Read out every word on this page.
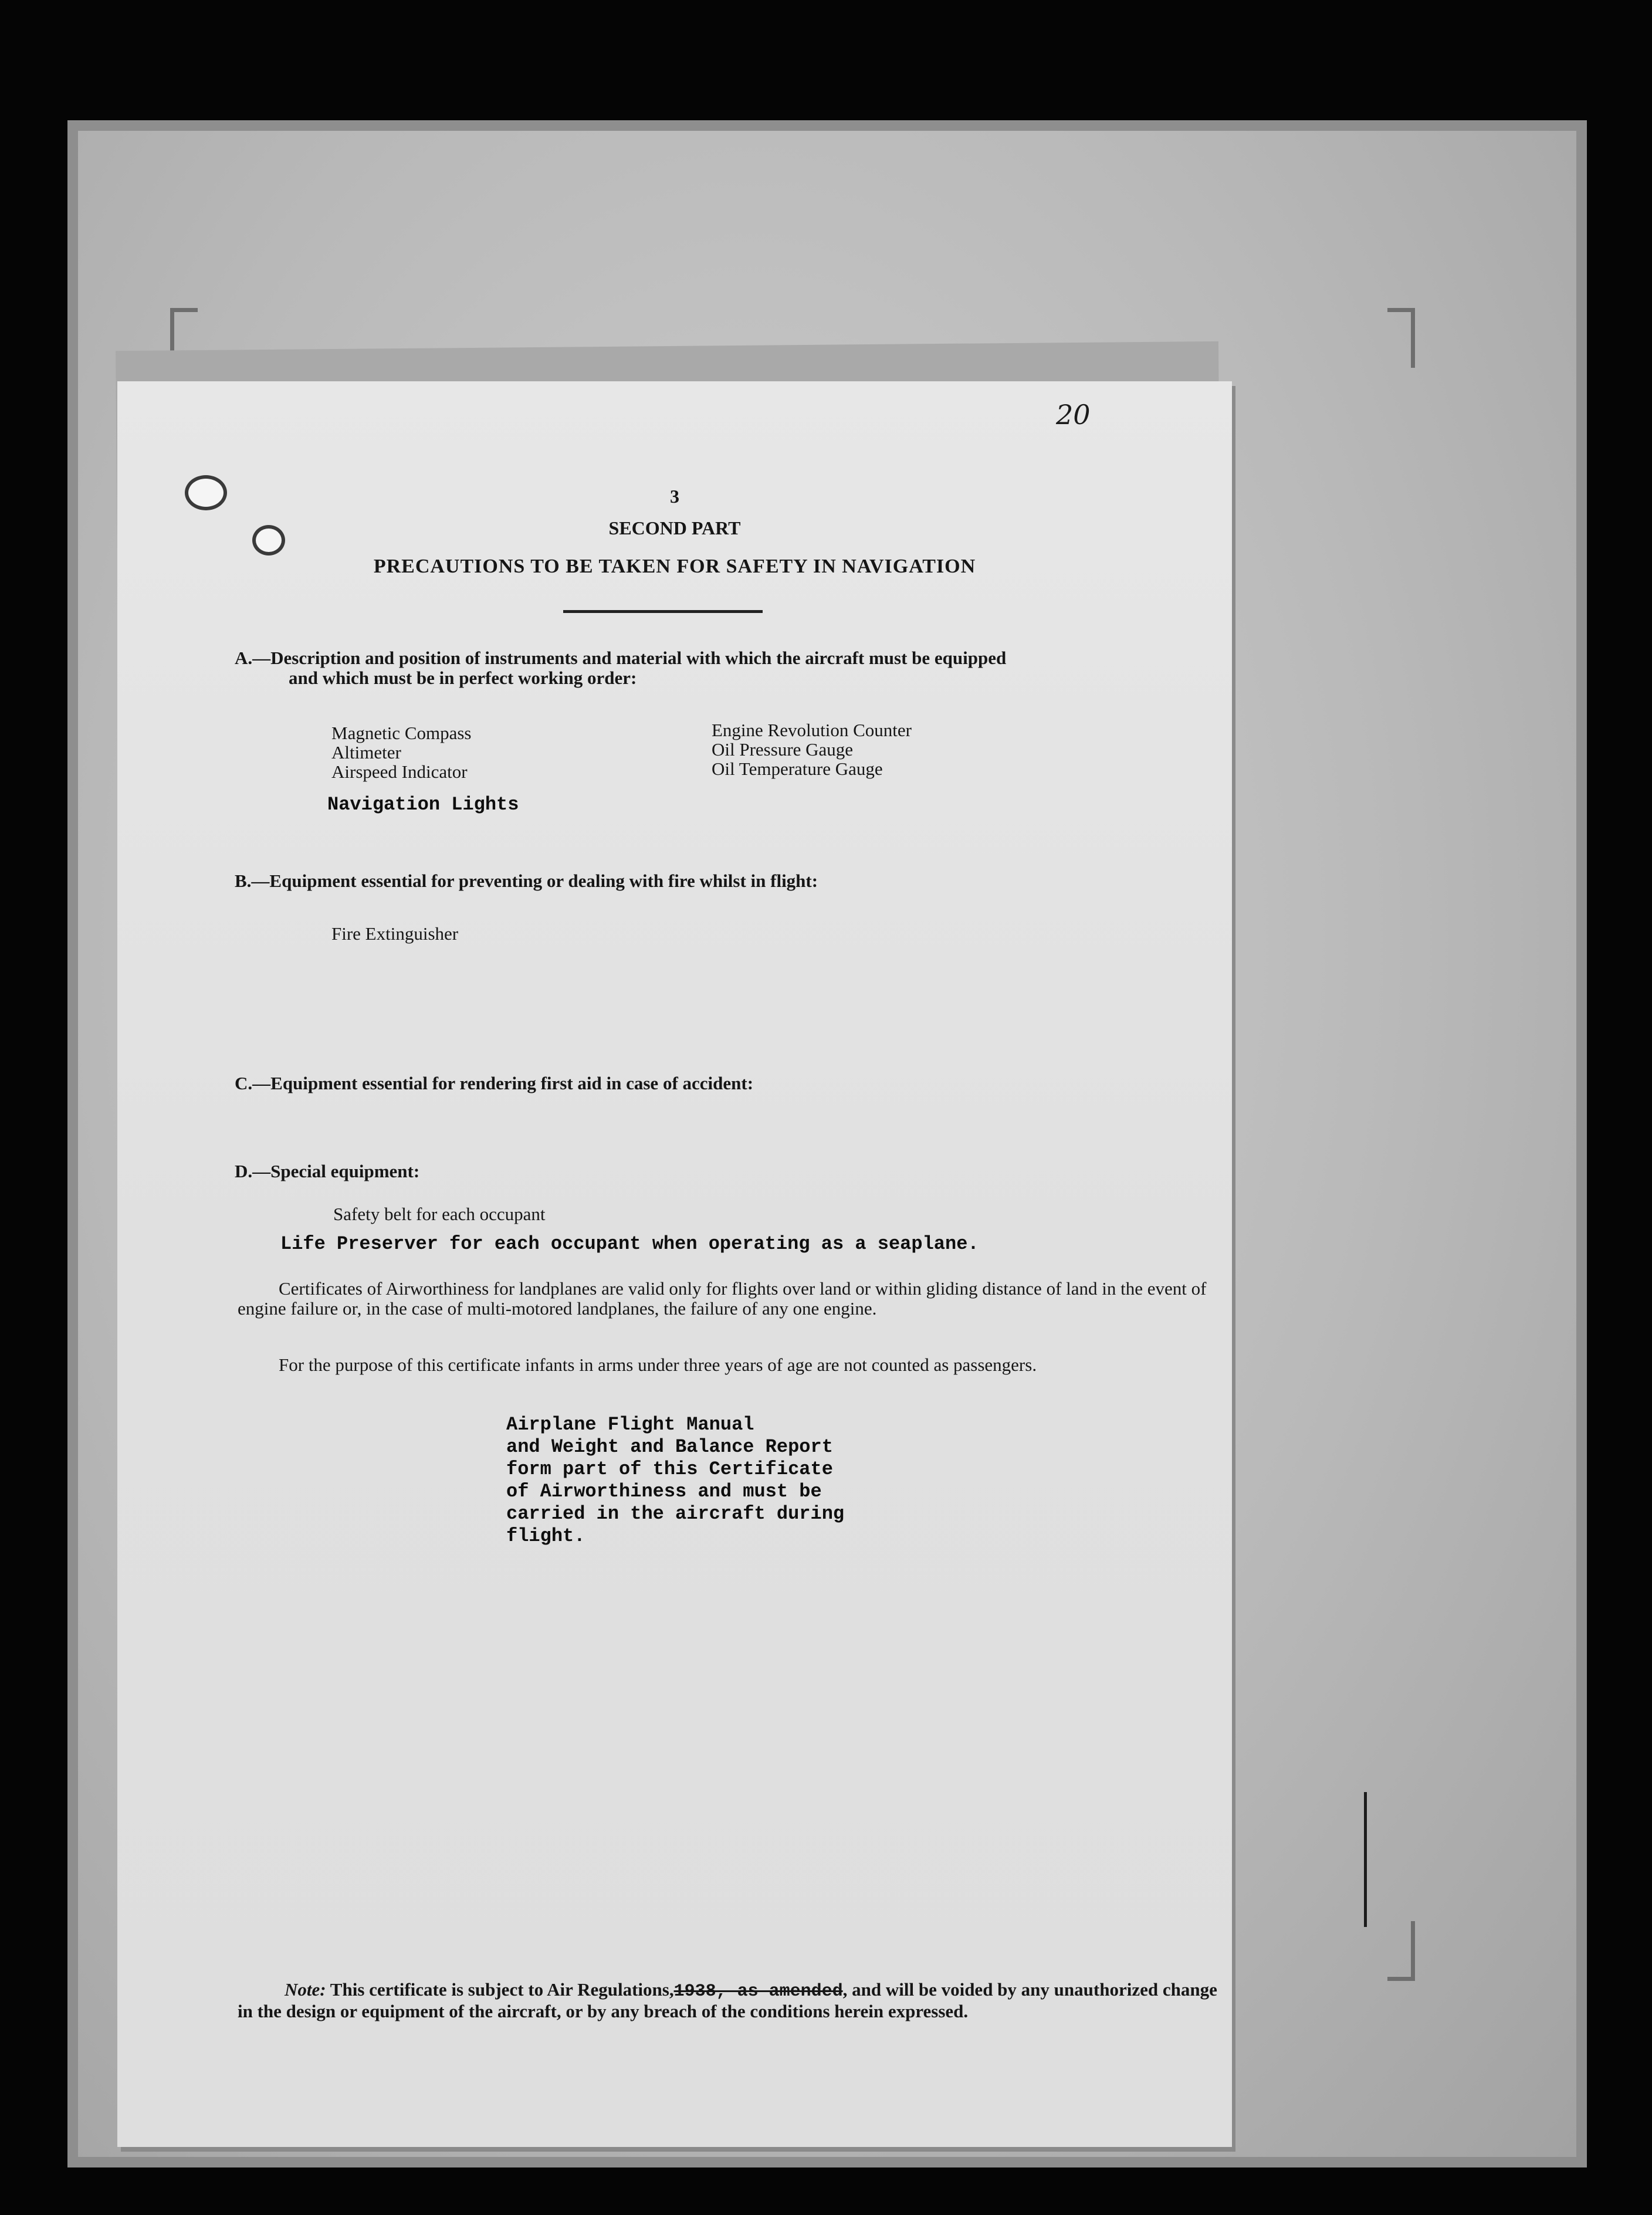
20
3
SECOND PART
PRECAUTIONS TO BE TAKEN FOR SAFETY IN NAVIGATION
A.—Description and position of instruments and material with which the aircraft must be equipped
and which must be in perfect working order:
Magnetic Compass
Altimeter
Airspeed Indicator
Engine Revolution Counter
Oil Pressure Gauge
Oil Temperature Gauge
Navigation Lights
B.—Equipment essential for preventing or dealing with fire whilst in flight:
Fire Extinguisher
C.—Equipment essential for rendering first aid in case of accident:
D.—Special equipment:
Safety belt for each occupant
Life Preserver for each occupant when operating as a seaplane.
Certificates of Airworthiness for landplanes are valid only for flights over land or within gliding distance of land in the event of engine failure or, in the case of multi-motored landplanes, the failure of any one engine.
For the purpose of this certificate infants in arms under three years of age are not counted as passengers.
Airplane Flight Manual
and Weight and Balance Report
form part of this Certificate
of Airworthiness and must be
carried in the aircraft during
flight.
Note: This certificate is subject to Air Regulations,1938, as amended, and will be voided by any unauthorized change in the design or equipment of the aircraft, or by any breach of the conditions herein expressed.
